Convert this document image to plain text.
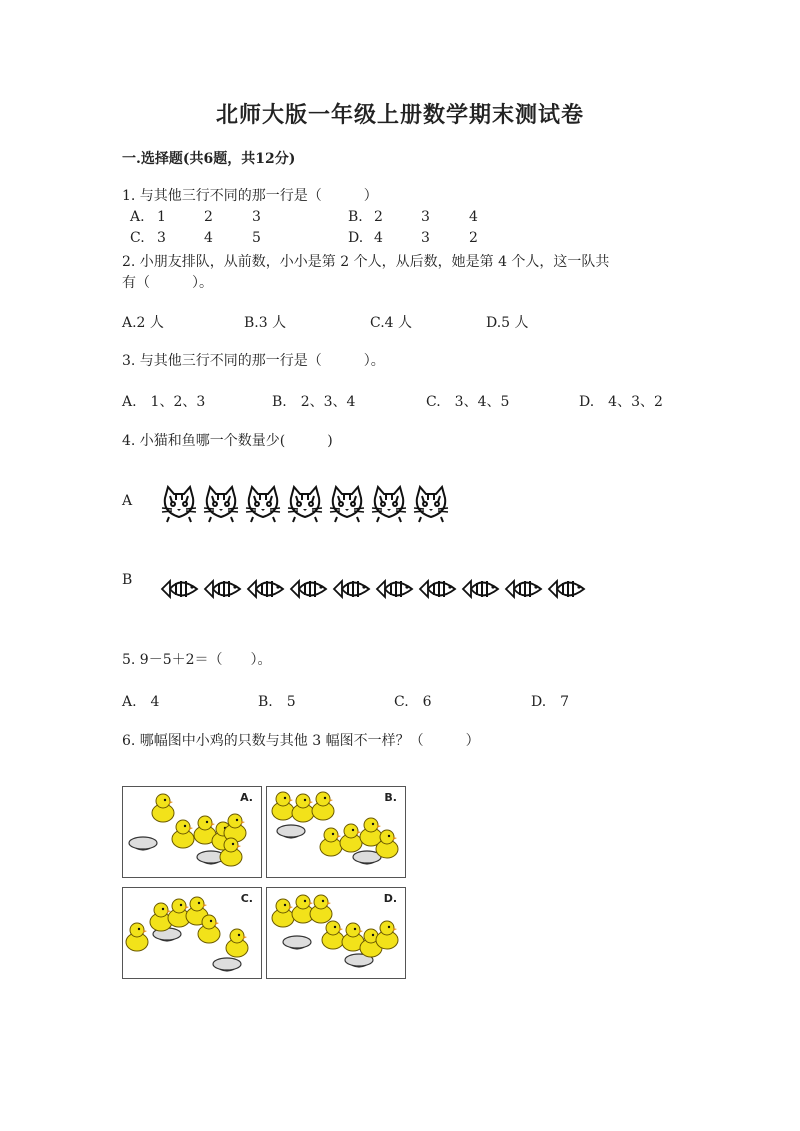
北师大版一年级上册数学期末测试卷
一.选择题(共6题，共12分)
1. 与其他三行不同的那一行是（　　　）
A. 1	2	3	B. 2	3	4
C. 3	4	5	D. 4	3	2
2. 小朋友排队，从前数，小小是第 2 个人，从后数，她是第 4 个人，这一队共
有（　　　）。
A.2 人	B.3 人	C.4 人	D.5 人
3. 与其他三行不同的那一行是（　　　）。
A.　1、2、3	B.　2、3、4	C.　3、4、5	D.　4、3、2
4. 小猫和鱼哪一个数量少(　　　)
A
B
5. 9－5＋2＝（　　）。
A.　4	B.　5	C.　6	D.　7
6. 哪幅图中小鸡的只数与其他 3 幅图不一样？（　　　）
A.	B.
C.	D.
